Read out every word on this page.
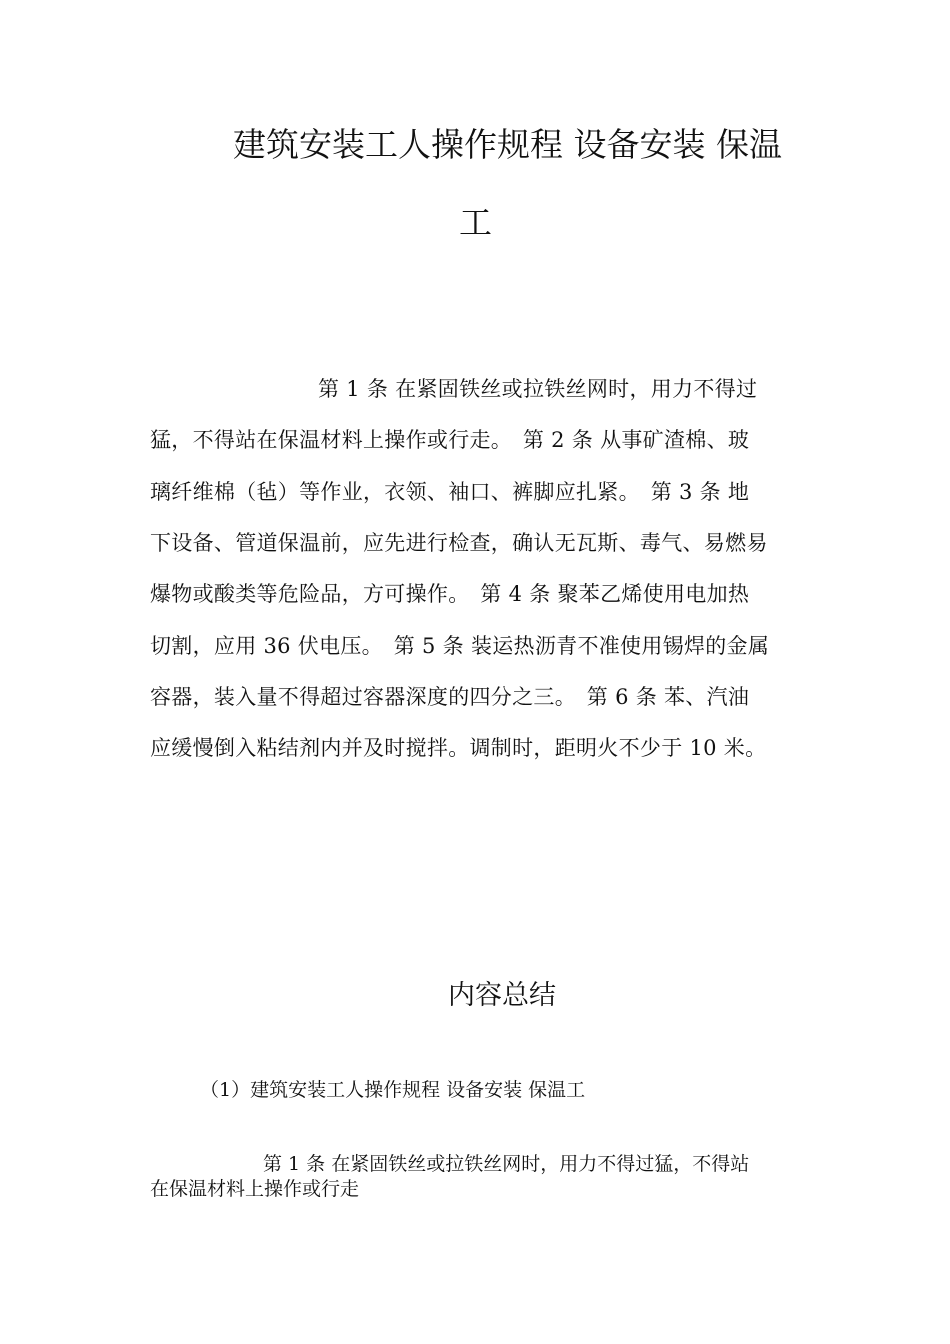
建筑安装工人操作规程 设备安装 保温
工
第 1 条 在紧固铁丝或拉铁丝网时，用力不得过
猛，不得站在保温材料上操作或行走。　第 2 条 从事矿渣棉、玻
璃纤维棉（毡）等作业，衣领、袖口、裤脚应扎紧。　第 3 条 地
下设备、管道保温前，应先进行检查，确认无瓦斯、毒气、易燃易
爆物或酸类等危险品，方可操作。　第 4 条 聚苯乙烯使用电加热
切割，应用 36 伏电压。　第 5 条 装运热沥青不准使用锡焊的金属
容器，装入量不得超过容器深度的四分之三。　第 6 条 苯、汽油
应缓慢倒入粘结剂内并及时搅拌。调制时，距明火不少于 10 米。
内容总结
（1）建筑安装工人操作规程 设备安装 保温工
第 1 条 在紧固铁丝或拉铁丝网时，用力不得过猛，不得站
在保温材料上操作或行走
